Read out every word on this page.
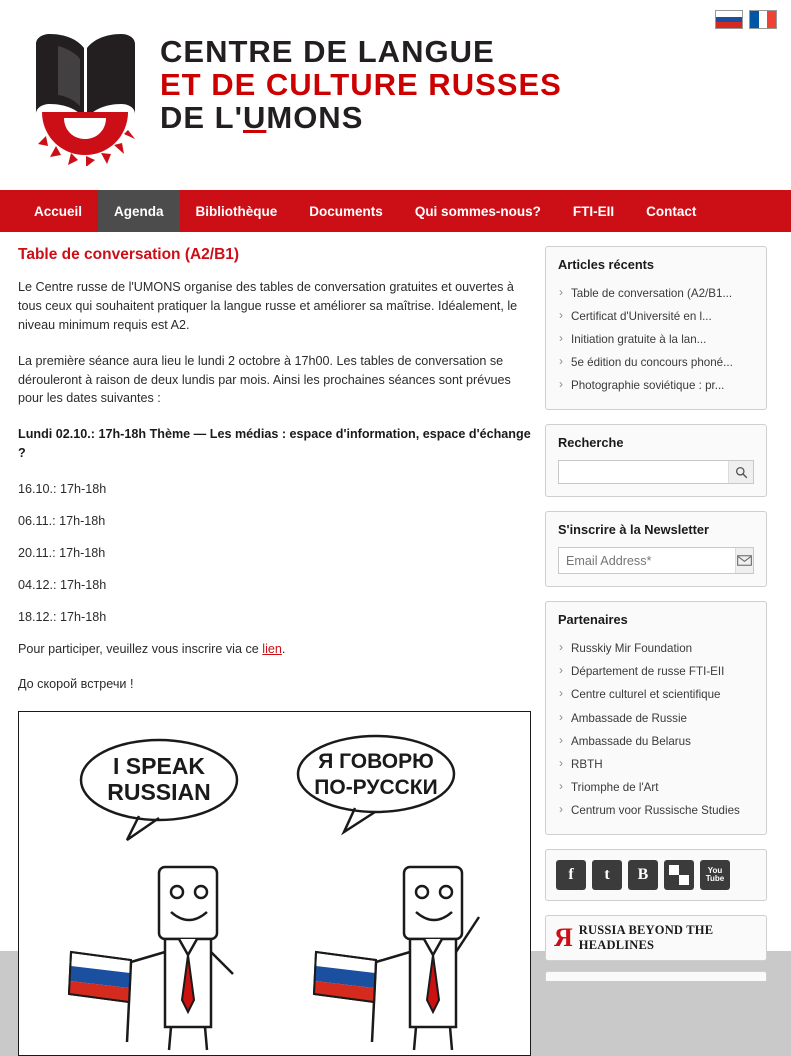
CENTRE DE LANGUE
ET DE CULTURE RUSSES
DE L'UMONS
Accueil	Agenda	Bibliothèque	Documents	Qui sommes-nous?	FTI-EII	Contact
Table de conversation (A2/B1)

Le Centre russe de l'UMONS organise des tables de conversation gratuites et ouvertes à tous ceux qui souhaitent pratiquer la langue russe et améliorer sa maîtrise. Idéalement, le niveau minimum requis est A2.

La première séance aura lieu le lundi 2 octobre à 17h00. Les tables de conversation se dérouleront à raison de deux lundis par mois. Ainsi les prochaines séances sont prévues pour les dates suivantes :

Lundi 02.10.: 17h-18h Thème — Les médias : espace d'information, espace d'échange ?

16.10.: 17h-18h

06.11.: 17h-18h

20.11.: 17h-18h

04.12.: 17h-18h

18.12.: 17h-18h

Pour participer, veuillez vous inscrire via ce lien.

До скорой встречи !

I SPEAK
RUSSIAN
Я ГОВОРЮ
ПО-РУССКИ
Articles récents
› Table de conversation (A2/B1...
› Certificat d'Université en l...
› Initiation gratuite à la lan...
› 5e édition du concours phoné...
› Photographie soviétique : pr...
Recherche
S'inscrire à la Newsletter
Email Address*
Partenaires
› Russkiy Mir Foundation
› Département de russe FTI-EII
› Centre culturel et scientifique
› Ambassade de Russie
› Ambassade du Belarus
› RBTH
› Triomphe de l'Art
› Centrum voor Russische Studies
f	t	B	You
Tube
Я RUSSIA BEYOND THE HEADLINES
